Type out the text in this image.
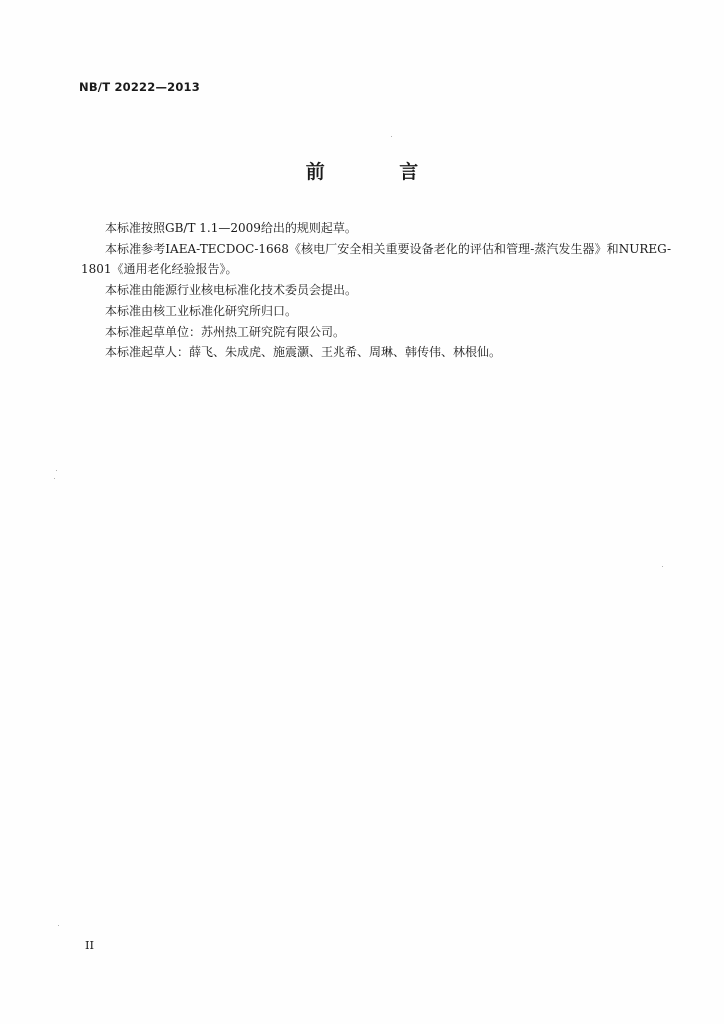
NB/T 20222—2013
前 言

本标准按照GB/T 1.1—2009给出的规则起草。

本标准参考IAEA-TECDOC-1668《核电厂安全相关重要设备老化的评估和管理-蒸汽发生器》和NUREG-1801《通用老化经验报告》。

本标准由能源行业核电标准化技术委员会提出。

本标准由核工业标准化研究所归口。

本标准起草单位：苏州热工研究院有限公司。

本标准起草人：薛飞、朱成虎、施震灏、王兆希、周琳、韩传伟、林根仙。

II
